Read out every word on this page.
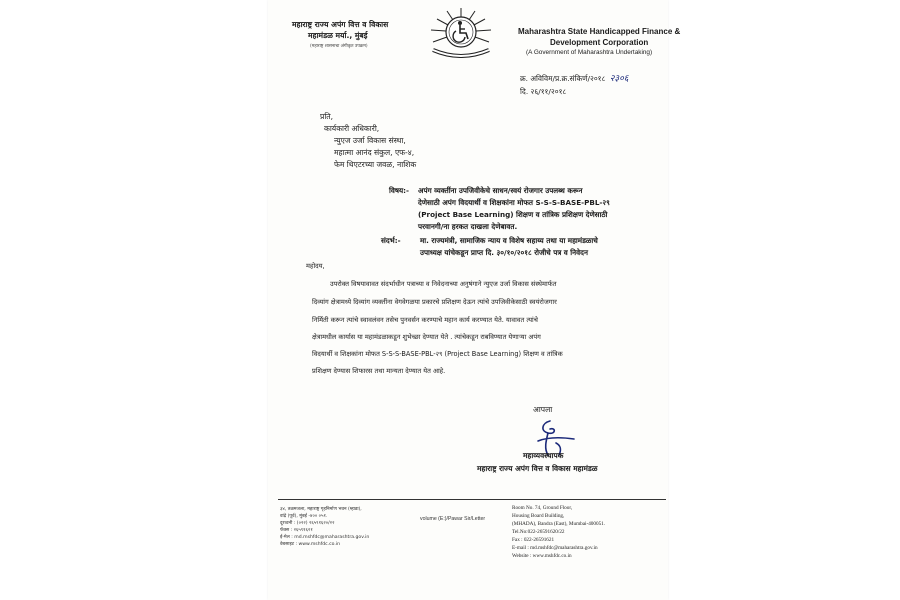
महाराष्ट्र राज्य अपंग वित्त व विकास
महामंडळ मर्या., मुंबई
(महाराष्ट्र शासनाचा अंगीकृत उपक्रम)
Maharashtra State Handicapped Finance &
Development Corporation
(A Government of Maharashtra Undertaking)
क्र. अविविम/प्र.क्र.संकिर्ण/२०१८ २३०६
दि. २६/११/२०१८
प्रति,
कार्यकारी अधिकारी,
न्युएज उर्जा विकास संस्था,
महात्मा आनंद संकुल, एफ-४,
फेम थिएटरच्या जवळ, नाशिक
विषय:- अपंग व्यक्तींना उपजिवीकेचे साधन/स्वयं रोजगार उपलब्ध करून
देणेसाठी अपंग विदयार्थी व शिक्षकांना मोफत S-S-S-BASE-PBL-२९
(Project Base Learning) शिक्षण व तांत्रिक प्रशिक्षण देणेसाठी
परवानगी/ना हरकत दाखला देणेबावत.
संदर्भ:-	मा. राज्यमंत्री, सामाजिक न्याय व विशेष सहाय्य तथा या महामंडळाचे
उपाध्यक्ष यांचेकडून प्राप्त दि. ३०/१०/२०१८ रोजीचे पत्र व निवेदन
महोदय,
उपरोक्त विषयावावत संदर्भाधीन पत्राच्या व निवेदनाच्या अनुषंगाने न्युएज उर्जा विकास संस्थेमार्फत
दिव्यांग क्षेत्रामध्ये दिव्यांग व्यक्तींना वेगवेगळया प्रकारचे प्रशिक्षण देऊन त्यांचे उपजिवीकेसाठी स्वयंरोजगार
निर्मिती करून त्यांचे स्वावलंवन तसेच पुनवर्सन करण्याचे महान कार्य करण्यात येते. यावावत त्यांचे
क्षेत्रामधील कार्यास या महामंडळाकडून शुभेच्छा देण्यात येते . त्यांचेकडून राबविण्यात येणाऱ्या अपंग
विदयार्थी व शिक्षकांना मोफत S-S-S-BASE-PBL-२९ (Project Base Learning) शिक्षण व तांत्रिक
प्रशिक्षण देण्यास शिफारस तथा मान्यता देण्यात येत आहे.
आपला
महाव्यवस्थापक
महाराष्ट्र राज्य अपंग वित्त व विकास महामंडळ
३४, तळमजला, महाराष्ट्र गृहनिर्माण भवन (म्हाडा),
वांद्रे (पूर्व), मुंबई -४०० ०५१.
दूरध्वनी : (०२२) २६५९१६२०/२२
फॅक्स : २६५९१६२१
ई-मेल : md.mshfdc@maharashtra.gov.in
वेबसाइट : www.mshfdc.co.in
volume (E:)/Pawar Sir/Letter
Room No. 74, Ground Floor,
Housing Board Building,
(MHADA), Bandra (East), Mumbai-400051.
Tel.No:022-26591620/22
Fax : 022-26591621
E-mail : md.mshfdc@maharashtra.gov.in
Website : www.mshfdc.co.in
